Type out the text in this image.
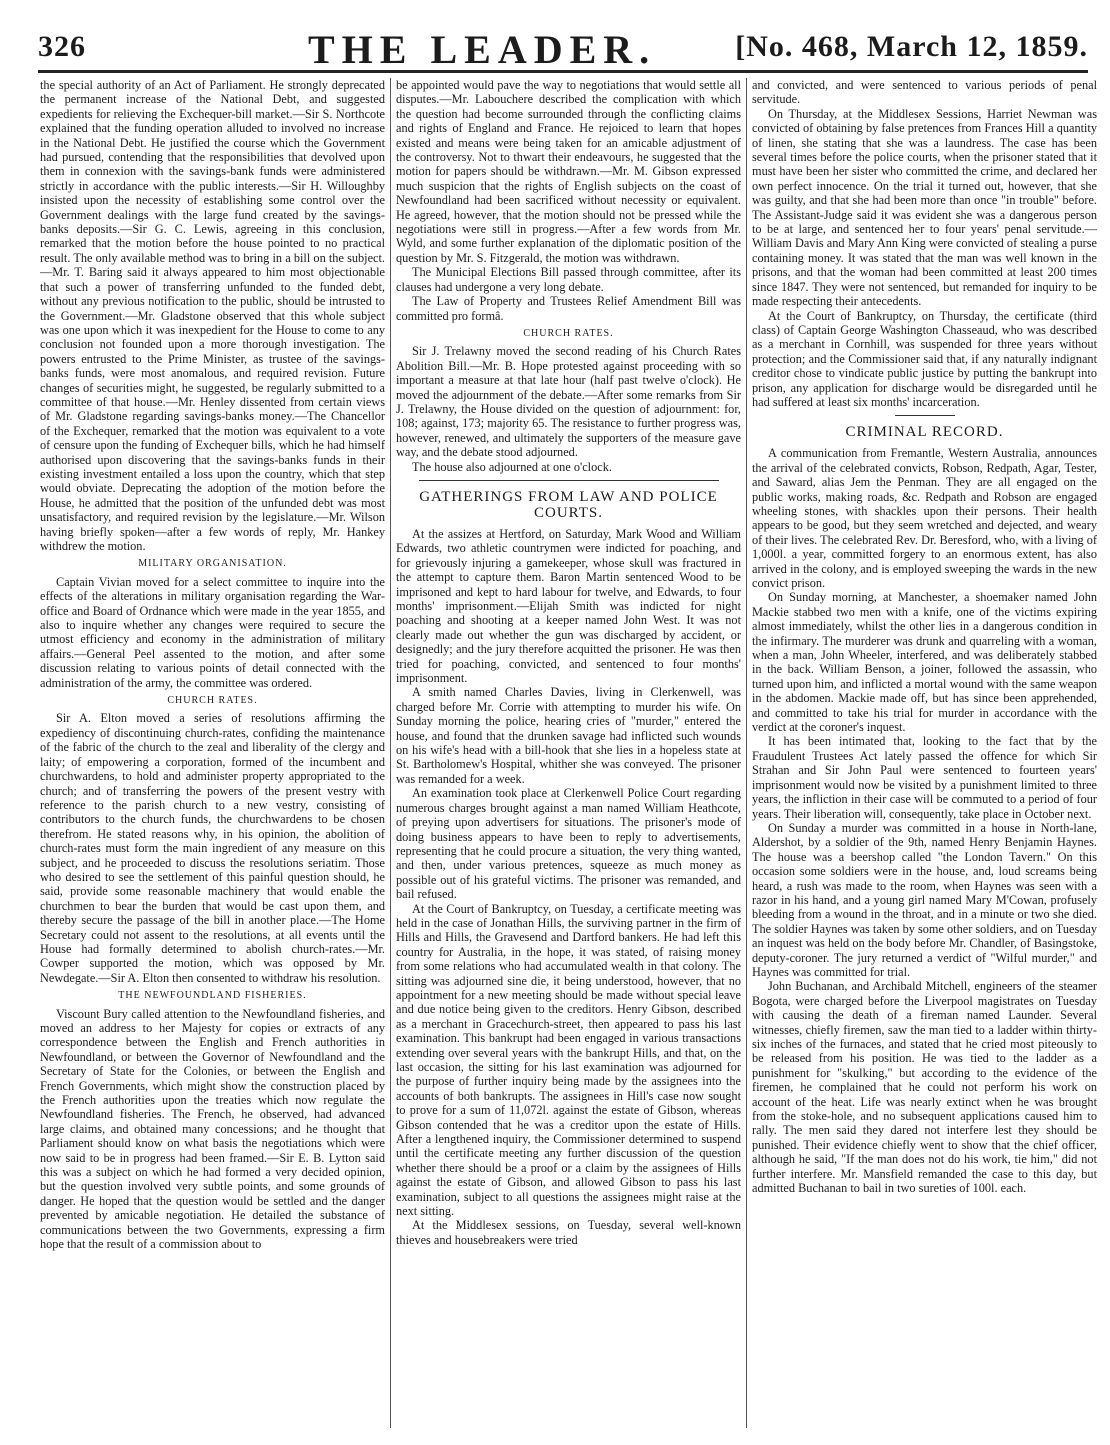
326	THE LEADER.	[No. 468, March 12, 1859.

the special authority of an Act of Parliament. He strongly deprecated the permanent increase of the National Debt, and suggested expedients for relieving the Exchequer-bill market.—Sir S. Northcote explained that the funding operation alluded to involved no increase in the National Debt. He justified the course which the Government had pursued, contending that the responsibilities that devolved upon them in connexion with the savings-bank funds were administered strictly in accordance with the public interests.—Sir H. Willoughby insisted upon the necessity of establishing some control over the Government dealings with the large fund created by the savings-banks deposits.—Sir G. C. Lewis, agreeing in this conclusion, remarked that the motion before the house pointed to no practical result. The only available method was to bring in a bill on the subject.—Mr. T. Baring said it always appeared to him most objectionable that such a power of transferring unfunded to the funded debt, without any previous notification to the public, should be intrusted to the Government.—Mr. Gladstone observed that this whole subject was one upon which it was inexpedient for the House to come to any conclusion not founded upon a more thorough investigation. The powers entrusted to the Prime Minister, as trustee of the savings-banks funds, were most anomalous, and required revision. Future changes of securities might, he suggested, be regularly submitted to a committee of that house.—Mr. Henley dissented from certain views of Mr. Gladstone regarding savings-banks money.—The Chancellor of the Exchequer, remarked that the motion was equivalent to a vote of censure upon the funding of Exchequer bills, which he had himself authorised upon discovering that the savings-banks funds in their existing investment entailed a loss upon the country, which that step would obviate. Deprecating the adoption of the motion before the House, he admitted that the position of the unfunded debt was most unsatisfactory, and required revision by the legislature.—Mr. Wilson having briefly spoken—after a few words of reply, Mr. Hankey withdrew the motion.

MILITARY ORGANISATION.

Captain Vivian moved for a select committee to inquire into the effects of the alterations in military organisation regarding the War-office and Board of Ordnance which were made in the year 1855, and also to inquire whether any changes were required to secure the utmost efficiency and economy in the administration of military affairs.—General Peel assented to the motion, and after some discussion relating to various points of detail connected with the administration of the army, the committee was ordered.

CHURCH RATES.

Sir A. Elton moved a series of resolutions affirming the expediency of discontinuing church-rates, confiding the maintenance of the fabric of the church to the zeal and liberality of the clergy and laity; of empowering a corporation, formed of the incumbent and churchwardens, to hold and administer property appropriated to the church; and of transferring the powers of the present vestry with reference to the parish church to a new vestry, consisting of contributors to the church funds, the churchwardens to be chosen therefrom. He stated reasons why, in his opinion, the abolition of church-rates must form the main ingredient of any measure on this subject, and he proceeded to discuss the resolutions seriatim. Those who desired to see the settlement of this painful question should, he said, provide some reasonable machinery that would enable the churchmen to bear the burden that would be cast upon them, and thereby secure the passage of the bill in another place.—The Home Secretary could not assent to the resolutions, at all events until the House had formally determined to abolish church-rates.—Mr. Cowper supported the motion, which was opposed by Mr. Newdegate.—Sir A. Elton then consented to withdraw his resolution.

THE NEWFOUNDLAND FISHERIES.

Viscount Bury called attention to the Newfoundland fisheries, and moved an address to her Majesty for copies or extracts of any correspondence between the English and French authorities in Newfoundland, or between the Governor of Newfoundland and the Secretary of State for the Colonies, or between the English and French Governments, which might show the construction placed by the French authorities upon the treaties which now regulate the Newfoundland fisheries. The French, he observed, had advanced large claims, and obtained many concessions; and he thought that Parliament should know on what basis the negotiations which were now said to be in progress had been framed.—Sir E. B. Lytton said this was a subject on which he had formed a very decided opinion, but the question involved very subtle points, and some grounds of danger. He hoped that the question would be settled and the danger prevented by amicable negotiation. He detailed the substance of communications between the two Governments, expressing a firm hope that the result of a commission about to

be appointed would pave the way to negotiations that would settle all disputes.—Mr. Labouchere described the complication with which the question had become surrounded through the conflicting claims and rights of England and France. He rejoiced to learn that hopes existed and means were being taken for an amicable adjustment of the controversy. Not to thwart their endeavours, he suggested that the motion for papers should be withdrawn.—Mr. M. Gibson expressed much suspicion that the rights of English subjects on the coast of Newfoundland had been sacrificed without necessity or equivalent. He agreed, however, that the motion should not be pressed while the negotiations were still in progress.—After a few words from Mr. Wyld, and some further explanation of the diplomatic position of the question by Mr. S. Fitzgerald, the motion was withdrawn.

The Municipal Elections Bill passed through committee, after its clauses had undergone a very long debate.

The Law of Property and Trustees Relief Amendment Bill was committed pro formâ.

CHURCH RATES.

Sir J. Trelawny moved the second reading of his Church Rates Abolition Bill.—Mr. B. Hope protested against proceeding with so important a measure at that late hour (half past twelve o'clock). He moved the adjournment of the debate.—After some remarks from Sir J. Trelawny, the House divided on the question of adjournment: for, 108; against, 173; majority 65. The resistance to further progress was, however, renewed, and ultimately the supporters of the measure gave way, and the debate stood adjourned.

The house also adjourned at one o'clock.

GATHERINGS FROM LAW AND POLICE COURTS.

At the assizes at Hertford, on Saturday, Mark Wood and William Edwards, two athletic countrymen were indicted for poaching, and for grievously injuring a gamekeeper, whose skull was fractured in the attempt to capture them. Baron Martin sentenced Wood to be imprisoned and kept to hard labour for twelve, and Edwards, to four months' imprisonment.—Elijah Smith was indicted for night poaching and shooting at a keeper named John West. It was not clearly made out whether the gun was discharged by accident, or designedly; and the jury therefore acquitted the prisoner. He was then tried for poaching, convicted, and sentenced to four months' imprisonment.

A smith named Charles Davies, living in Clerkenwell, was charged before Mr. Corrie with attempting to murder his wife. On Sunday morning the police, hearing cries of "murder," entered the house, and found that the drunken savage had inflicted such wounds on his wife's head with a bill-hook that she lies in a hopeless state at St. Bartholomew's Hospital, whither she was conveyed. The prisoner was remanded for a week.

An examination took place at Clerkenwell Police Court regarding numerous charges brought against a man named William Heathcote, of preying upon advertisers for situations. The prisoner's mode of doing business appears to have been to reply to advertisements, representing that he could procure a situation, the very thing wanted, and then, under various pretences, squeeze as much money as possible out of his grateful victims. The prisoner was remanded, and bail refused.

At the Court of Bankruptcy, on Tuesday, a certificate meeting was held in the case of Jonathan Hills, the surviving partner in the firm of Hills and Hills, the Gravesend and Dartford bankers. He had left this country for Australia, in the hope, it was stated, of raising money from some relations who had accumulated wealth in that colony. The sitting was adjourned sine die, it being understood, however, that no appointment for a new meeting should be made without special leave and due notice being given to the creditors. Henry Gibson, described as a merchant in Gracechurch-street, then appeared to pass his last examination. This bankrupt had been engaged in various transactions extending over several years with the bankrupt Hills, and that, on the last occasion, the sitting for his last examination was adjourned for the purpose of further inquiry being made by the assignees into the accounts of both bankrupts. The assignees in Hill's case now sought to prove for a sum of 11,072l. against the estate of Gibson, whereas Gibson contended that he was a creditor upon the estate of Hills. After a lengthened inquiry, the Commissioner determined to suspend until the certificate meeting any further discussion of the question whether there should be a proof or a claim by the assignees of Hills against the estate of Gibson, and allowed Gibson to pass his last examination, subject to all questions the assignees might raise at the next sitting.

At the Middlesex sessions, on Tuesday, several well-known thieves and housebreakers were tried

and convicted, and were sentenced to various periods of penal servitude.

On Thursday, at the Middlesex Sessions, Harriet Newman was convicted of obtaining by false pretences from Frances Hill a quantity of linen, she stating that she was a laundress. The case has been several times before the police courts, when the prisoner stated that it must have been her sister who committed the crime, and declared her own perfect innocence. On the trial it turned out, however, that she was guilty, and that she had been more than once "in trouble" before. The Assistant-Judge said it was evident she was a dangerous person to be at large, and sentenced her to four years' penal servitude.—William Davis and Mary Ann King were convicted of stealing a purse containing money. It was stated that the man was well known in the prisons, and that the woman had been committed at least 200 times since 1847. They were not sentenced, but remanded for inquiry to be made respecting their antecedents.

At the Court of Bankruptcy, on Thursday, the certificate (third class) of Captain George Washington Chasseaud, who was described as a merchant in Cornhill, was suspended for three years without protection; and the Commissioner said that, if any naturally indignant creditor chose to vindicate public justice by putting the bankrupt into prison, any application for discharge would be disregarded until he had suffered at least six months' incarceration.

CRIMINAL RECORD.

A communication from Fremantle, Western Australia, announces the arrival of the celebrated convicts, Robson, Redpath, Agar, Tester, and Saward, alias Jem the Penman. They are all engaged on the public works, making roads, &c. Redpath and Robson are engaged wheeling stones, with shackles upon their persons. Their health appears to be good, but they seem wretched and dejected, and weary of their lives. The celebrated Rev. Dr. Beresford, who, with a living of 1,000l. a year, committed forgery to an enormous extent, has also arrived in the colony, and is employed sweeping the wards in the new convict prison.

On Sunday morning, at Manchester, a shoemaker named John Mackie stabbed two men with a knife, one of the victims expiring almost immediately, whilst the other lies in a dangerous condition in the infirmary. The murderer was drunk and quarreling with a woman, when a man, John Wheeler, interfered, and was deliberately stabbed in the back. William Benson, a joiner, followed the assassin, who turned upon him, and inflicted a mortal wound with the same weapon in the abdomen. Mackie made off, but has since been apprehended, and committed to take his trial for murder in accordance with the verdict at the coroner's inquest.

It has been intimated that, looking to the fact that by the Fraudulent Trustees Act lately passed the offence for which Sir Strahan and Sir John Paul were sentenced to fourteen years' imprisonment would now be visited by a punishment limited to three years, the infliction in their case will be commuted to a period of four years. Their liberation will, consequently, take place in October next.

On Sunday a murder was committed in a house in North-lane, Aldershot, by a soldier of the 9th, named Henry Benjamin Haynes. The house was a beershop called "the London Tavern." On this occasion some soldiers were in the house, and, loud screams being heard, a rush was made to the room, when Haynes was seen with a razor in his hand, and a young girl named Mary M'Cowan, profusely bleeding from a wound in the throat, and in a minute or two she died. The soldier Haynes was taken by some other soldiers, and on Tuesday an inquest was held on the body before Mr. Chandler, of Basingstoke, deputy-coroner. The jury returned a verdict of "Wilful murder," and Haynes was committed for trial.

John Buchanan, and Archibald Mitchell, engineers of the steamer Bogota, were charged before the Liverpool magistrates on Tuesday with causing the death of a fireman named Launder. Several witnesses, chiefly firemen, saw the man tied to a ladder within thirty-six inches of the furnaces, and stated that he cried most piteously to be released from his position. He was tied to the ladder as a punishment for "skulking," but according to the evidence of the firemen, he complained that he could not perform his work on account of the heat. Life was nearly extinct when he was brought from the stoke-hole, and no subsequent applications caused him to rally. The men said they dared not interfere lest they should be punished. Their evidence chiefly went to show that the chief officer, although he said, "If the man does not do his work, tie him," did not further interfere. Mr. Mansfield remanded the case to this day, but admitted Buchanan to bail in two sureties of 100l. each.
